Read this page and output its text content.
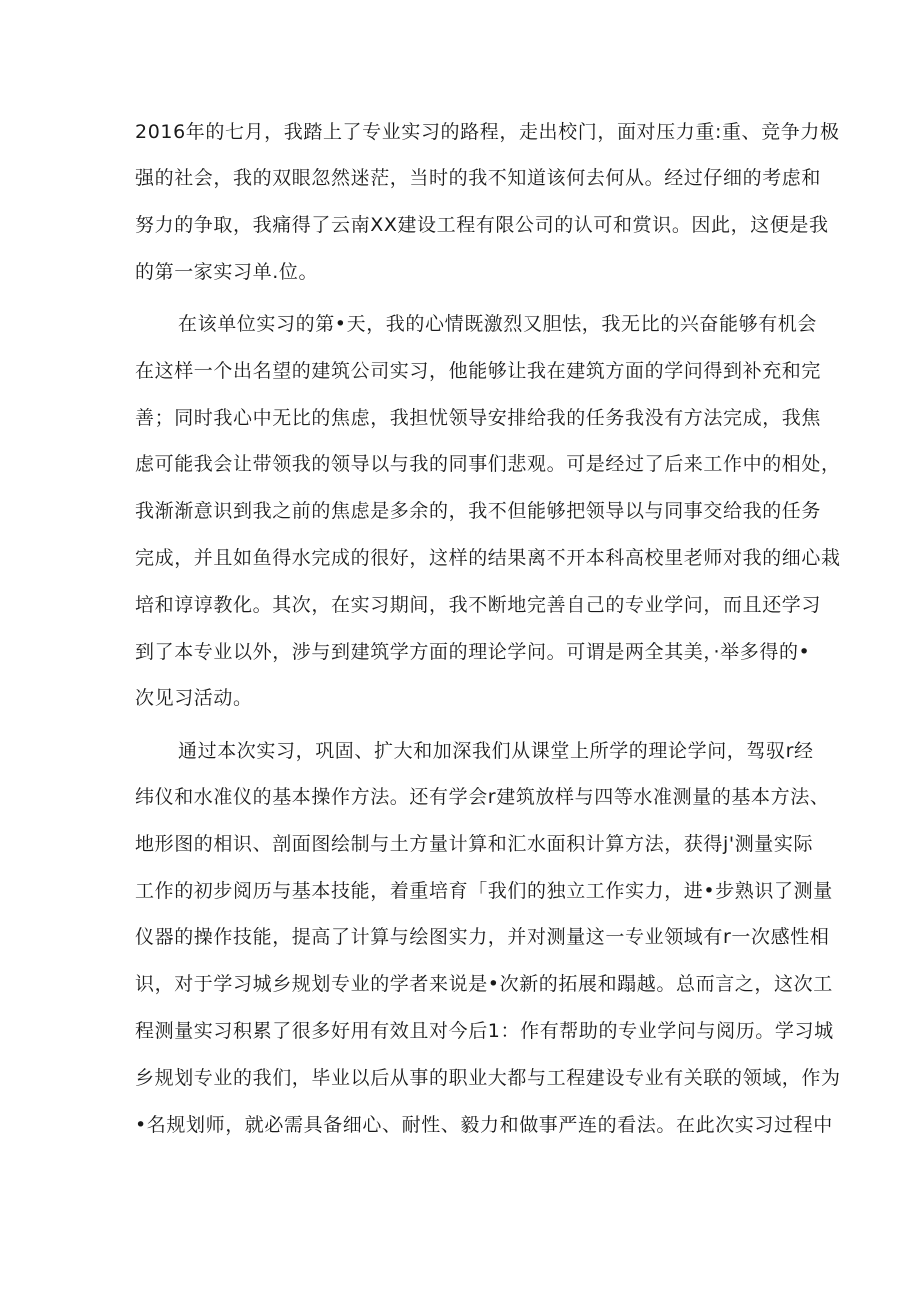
2016年的七月，我踏上了专业实习的路程，走出校门，面对压力重:重、竞争力极
强的社会，我的双眼忽然迷茫，当时的我不知道该何去何从。经过仔细的考虑和
努力的争取，我痛得了云南XX建设工程有限公司的认可和赏识。因此，这便是我
的第一家实习单.位。
在该单位实习的第•天，我的心情既激烈又胆怯，我无比的兴奋能够有机会
在这样一个出名望的建筑公司实习，他能够让我在建筑方面的学问得到补充和完
善；同时我心中无比的焦虑，我担忧领导安排给我的任务我没有方法完成，我焦
虑可能我会让带领我的领导以与我的同事们悲观。可是经过了后来工作中的相处，
我渐渐意识到我之前的焦虑是多余的，我不但能够把领导以与同事交给我的任务
完成，并且如鱼得水完成的很好，这样的结果离不开本科高校里老师对我的细心栽
培和谆谆教化。其次，在实习期间，我不断地完善自己的专业学问，而且还学习
到了本专业以外，涉与到建筑学方面的理论学问。可谓是两全其美，·举多得的•
次见习活动。
通过本次实习，巩固、扩大和加深我们从课堂上所学的理论学问，驾驭r经
纬仪和水准仪的基本操作方法。还有学会r建筑放样与四等水准测量的基本方法、
地形图的相识、剖面图绘制与土方量计算和汇水面积计算方法，获得j'测量实际
工作的初步阅历与基本技能，着重培育「我们的独立工作实力，进•步熟识了测量
仪器的操作技能，提高了计算与绘图实力，并对测量这一专业领域有r一次感性相
识，对于学习城乡规划专业的学者来说是•次新的拓展和蹋越。总而言之，这次工
程测量实习积累了很多好用有效且对今后1：作有帮助的专业学问与阅历。学习城
乡规划专业的我们，毕业以后从事的职业大都与工程建设专业有关联的领域，作为
•名规划师，就必需具备细心、耐性、毅力和做事严连的看法。在此次实习过程中
